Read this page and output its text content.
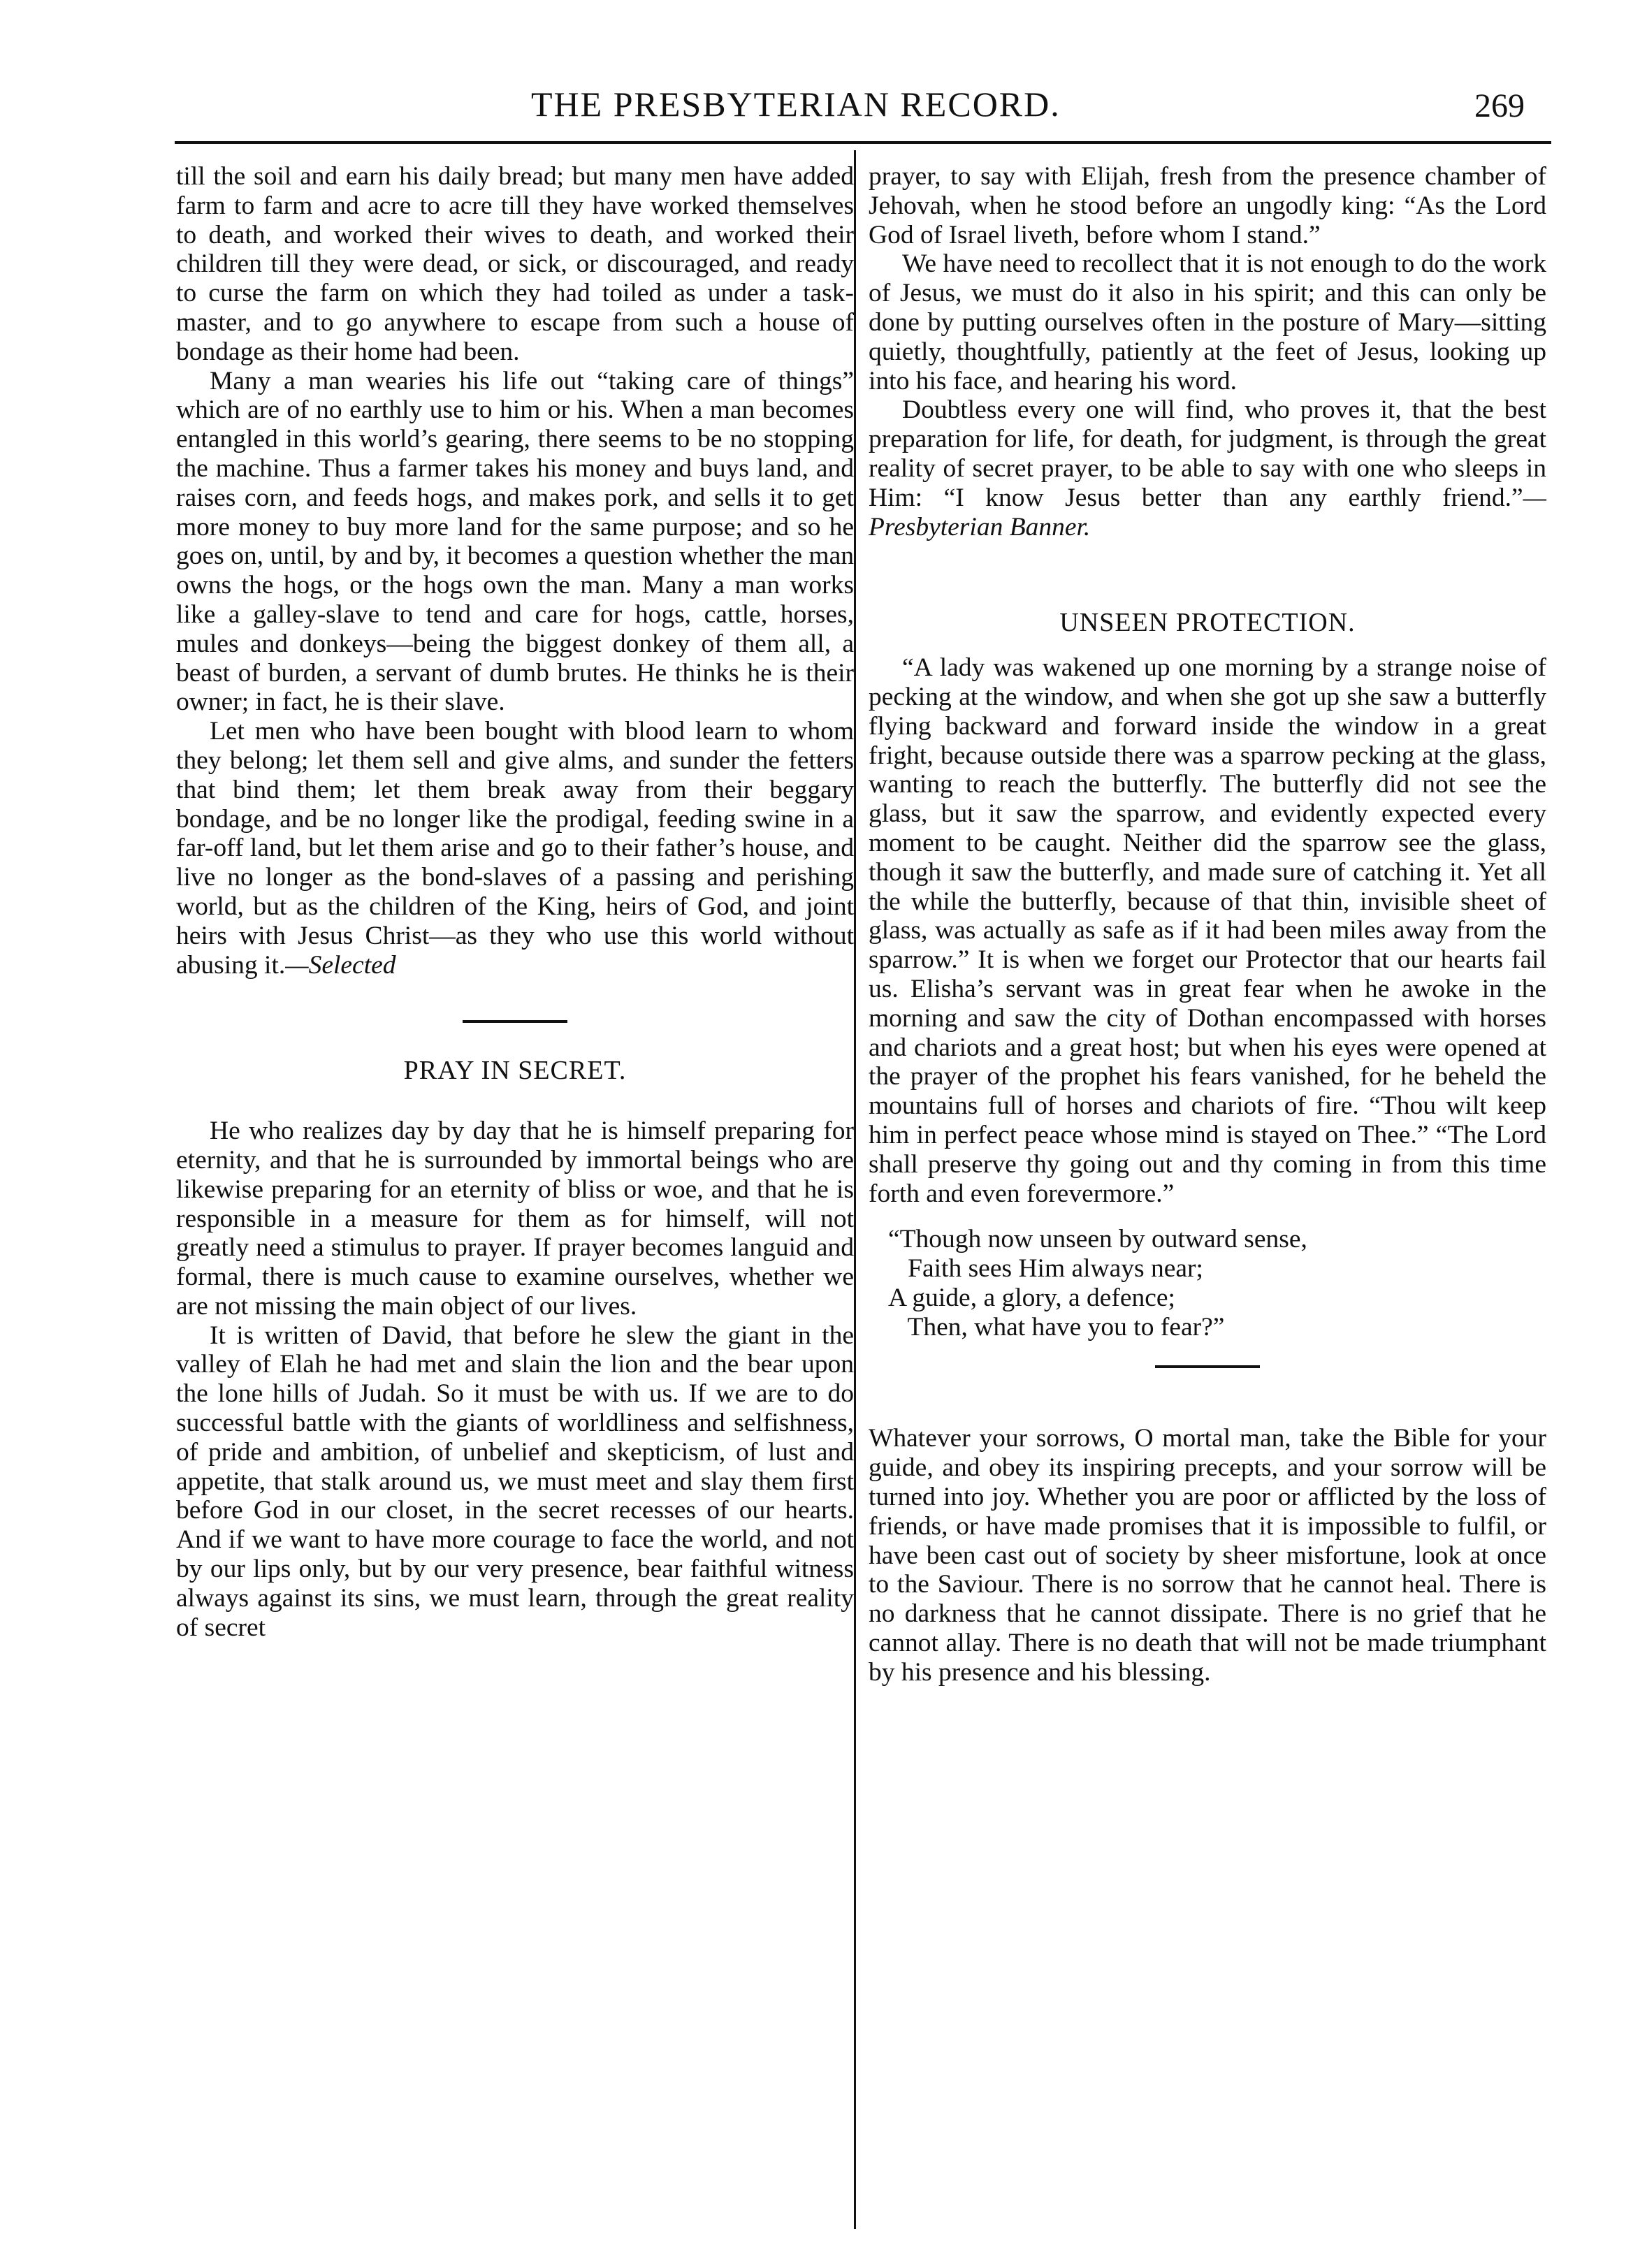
THE PRESBYTERIAN RECORD.	269

till the soil and earn his daily bread; but many men have added farm to farm and acre to acre till they have worked themselves to death, and worked their wives to death, and worked their children till they were dead, or sick, or discouraged, and ready to curse the farm on which they had toiled as under a task-master, and to go anywhere to escape from such a house of bondage as their home had been.

Many a man wearies his life out “taking care of things” which are of no earthly use to him or his. When a man becomes entangled in this world’s gearing, there seems to be no stopping the machine. Thus a farmer takes his money and buys land, and raises corn, and feeds hogs, and makes pork, and sells it to get more money to buy more land for the same purpose; and so he goes on, until, by and by, it becomes a question whether the man owns the hogs, or the hogs own the man. Many a man works like a galley-slave to tend and care for hogs, cattle, horses, mules and donkeys—being the biggest donkey of them all, a beast of burden, a servant of dumb brutes. He thinks he is their owner; in fact, he is their slave.

Let men who have been bought with blood learn to whom they belong; let them sell and give alms, and sunder the fetters that bind them; let them break away from their beggary bondage, and be no longer like the prodigal, feeding swine in a far-off land, but let them arise and go to their father’s house, and live no longer as the bond-slaves of a passing and perishing world, but as the children of the King, heirs of God, and joint heirs with Jesus Christ—as they who use this world without abusing it.—Selected

PRAY IN SECRET.

He who realizes day by day that he is himself preparing for eternity, and that he is surrounded by immortal beings who are likewise preparing for an eternity of bliss or woe, and that he is responsible in a measure for them as for himself, will not greatly need a stimulus to prayer. If prayer becomes languid and formal, there is much cause to examine ourselves, whether we are not missing the main object of our lives.

It is written of David, that before he slew the giant in the valley of Elah he had met and slain the lion and the bear upon the lone hills of Judah. So it must be with us. If we are to do successful battle with the giants of worldliness and selfishness, of pride and ambition, of unbelief and skepticism, of lust and appetite, that stalk around us, we must meet and slay them first before God in our closet, in the secret recesses of our hearts. And if we want to have more courage to face the world, and not by our lips only, but by our very presence, bear faithful witness always against its sins, we must learn, through the great reality of secret

prayer, to say with Elijah, fresh from the presence chamber of Jehovah, when he stood before an ungodly king: “As the Lord God of Israel liveth, before whom I stand.”

We have need to recollect that it is not enough to do the work of Jesus, we must do it also in his spirit; and this can only be done by putting ourselves often in the posture of Mary—sitting quietly, thoughtfully, patiently at the feet of Jesus, looking up into his face, and hearing his word.

Doubtless every one will find, who proves it, that the best preparation for life, for death, for judgment, is through the great reality of secret prayer, to be able to say with one who sleeps in Him: “I know Jesus better than any earthly friend.”—Presbyterian Banner.

UNSEEN PROTECTION.

“A lady was wakened up one morning by a strange noise of pecking at the window, and when she got up she saw a butterfly flying backward and forward inside the window in a great fright, because outside there was a sparrow pecking at the glass, wanting to reach the butterfly. The butterfly did not see the glass, but it saw the sparrow, and evidently expected every moment to be caught. Neither did the sparrow see the glass, though it saw the butterfly, and made sure of catching it. Yet all the while the butterfly, because of that thin, invisible sheet of glass, was actually as safe as if it had been miles away from the sparrow.” It is when we forget our Protector that our hearts fail us. Elisha’s servant was in great fear when he awoke in the morning and saw the city of Dothan encompassed with horses and chariots and a great host; but when his eyes were opened at the prayer of the prophet his fears vanished, for he beheld the mountains full of horses and chariots of fire. “Thou wilt keep him in perfect peace whose mind is stayed on Thee.” “The Lord shall preserve thy going out and thy coming in from this time forth and even forevermore.”

“Though now unseen by outward sense,
Faith sees Him always near;
A guide, a glory, a defence;
Then, what have you to fear?”

Whatever your sorrows, O mortal man, take the Bible for your guide, and obey its inspiring precepts, and your sorrow will be turned into joy. Whether you are poor or afflicted by the loss of friends, or have made promises that it is impossible to fulfil, or have been cast out of society by sheer misfortune, look at once to the Saviour. There is no sorrow that he cannot heal. There is no darkness that he cannot dissipate. There is no grief that he cannot allay. There is no death that will not be made triumphant by his presence and his blessing.
